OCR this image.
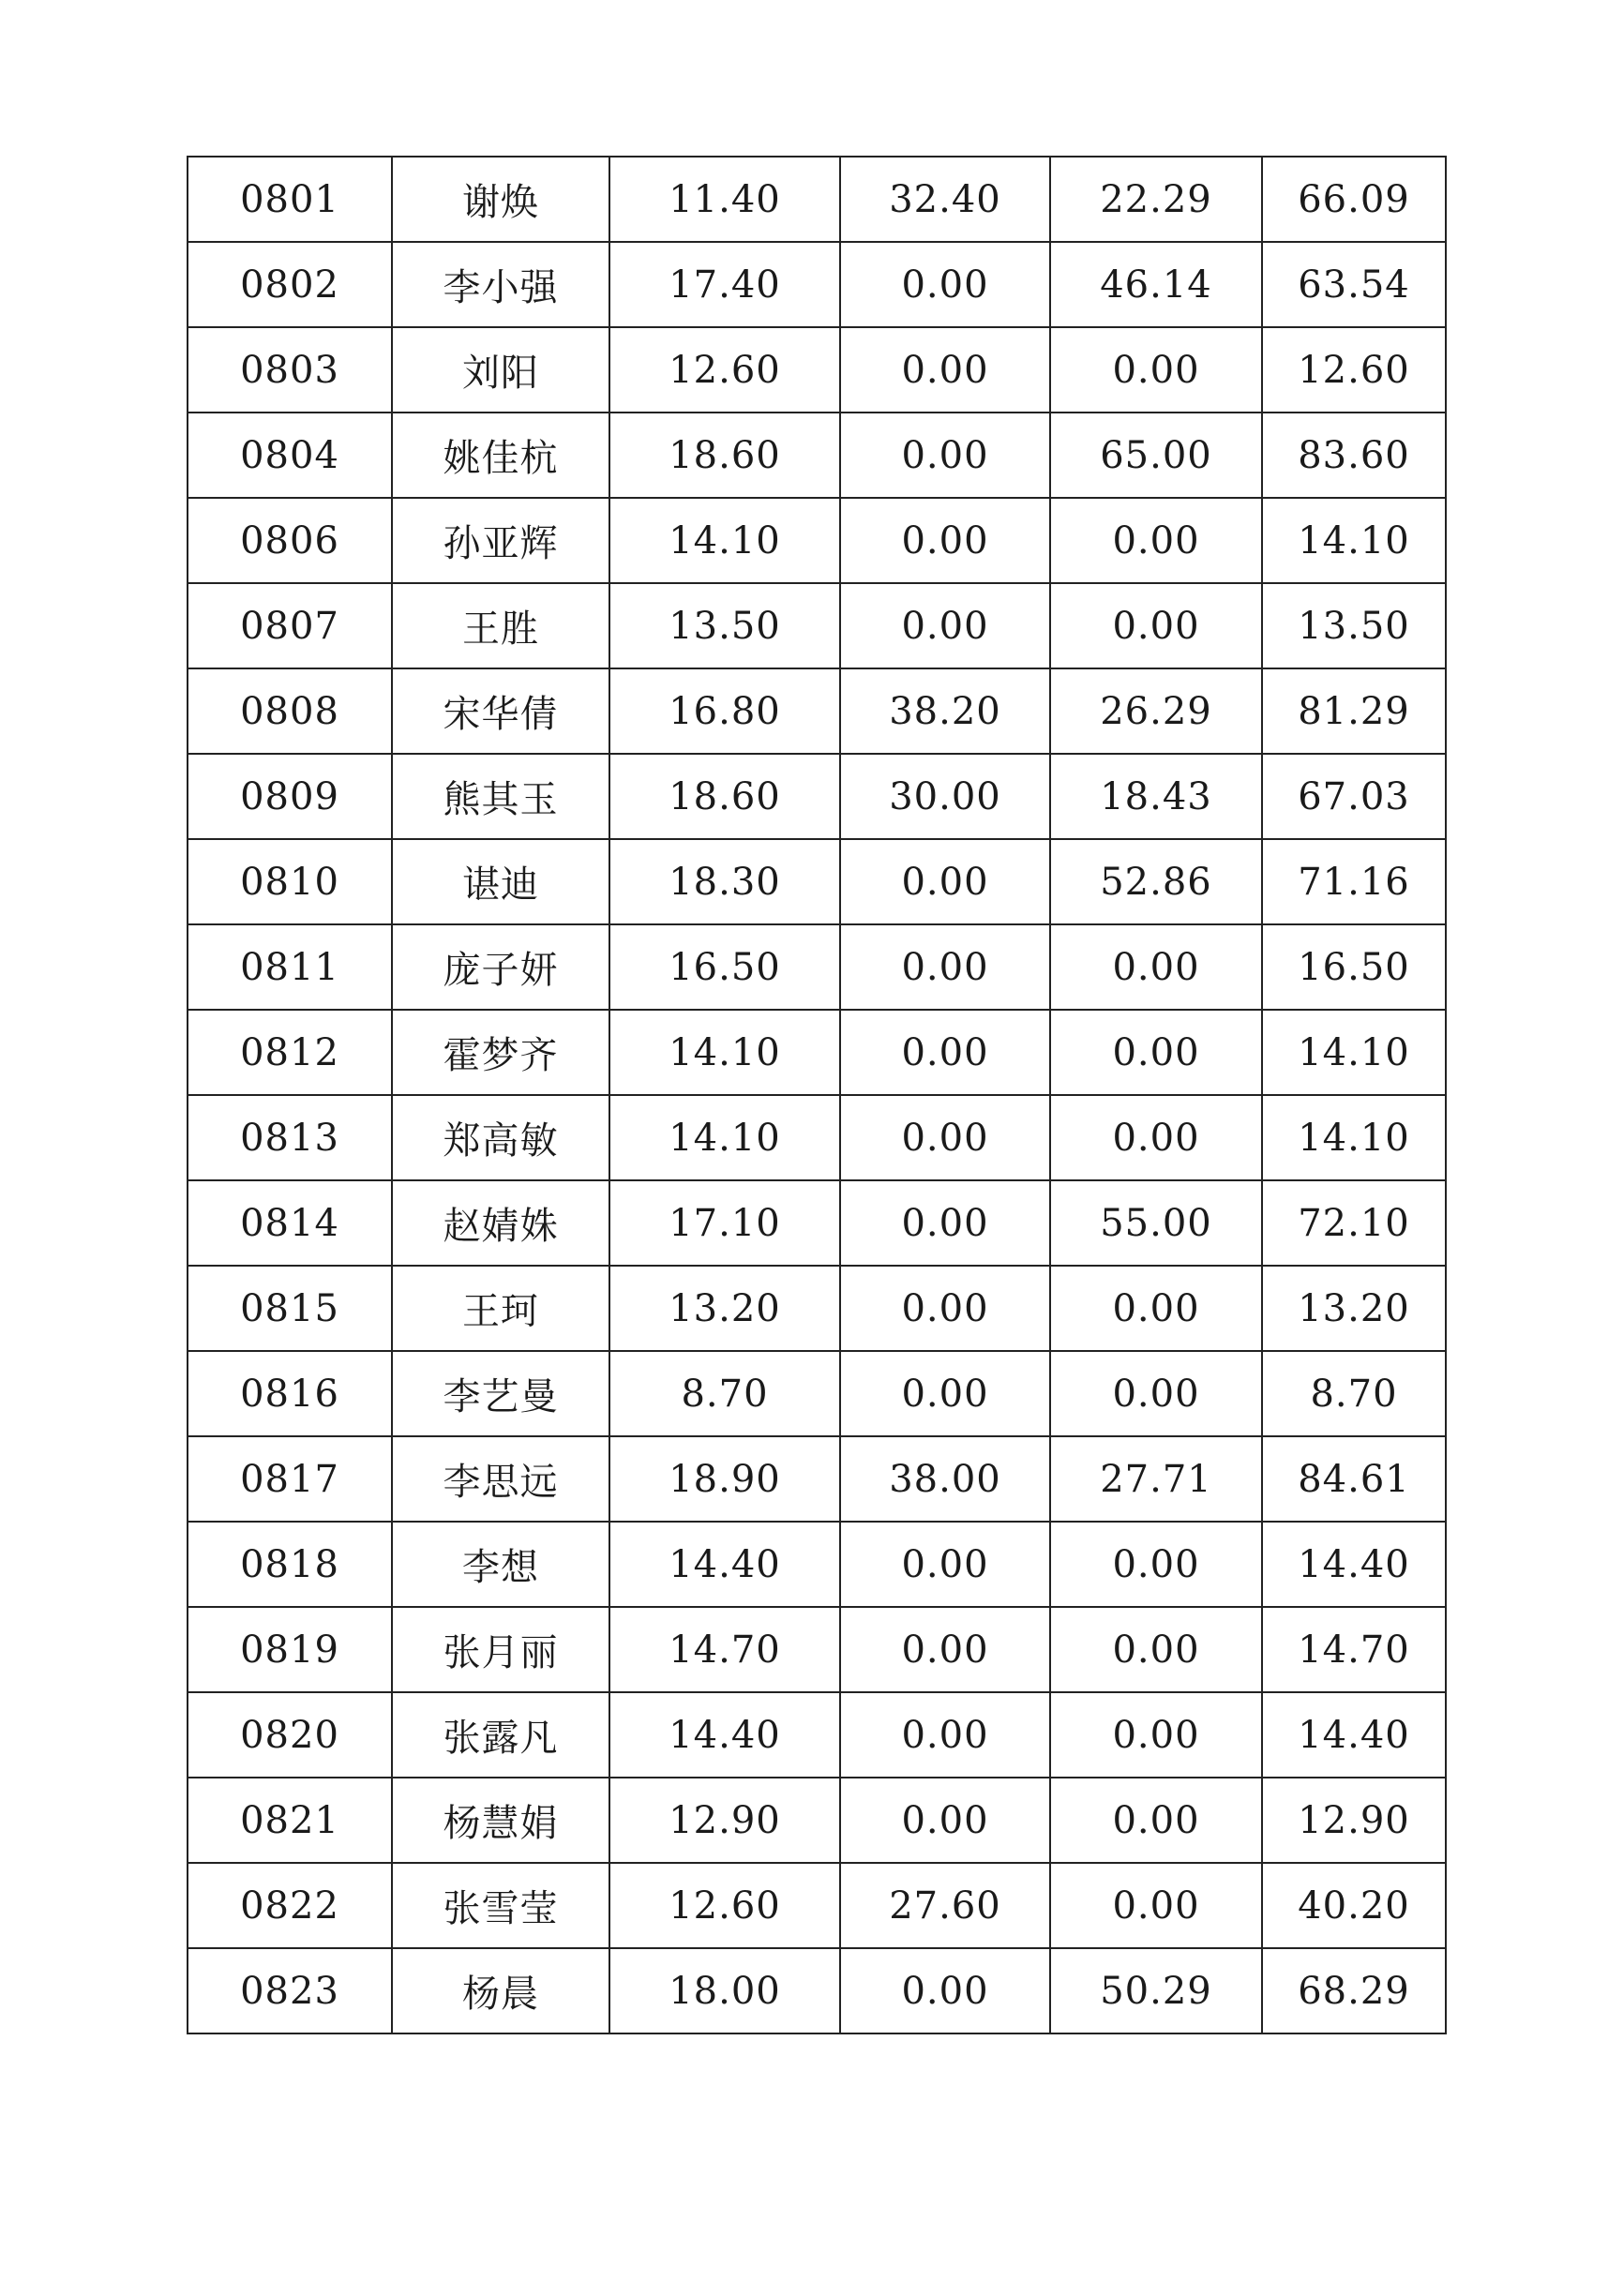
0801	谢焕	11.40	32.40	22.29	66.09
0802	李小强	17.40	0.00	46.14	63.54
0803	刘阳	12.60	0.00	0.00	12.60
0804	姚佳杭	18.60	0.00	65.00	83.60
0806	孙亚辉	14.10	0.00	0.00	14.10
0807	王胜	13.50	0.00	0.00	13.50
0808	宋华倩	16.80	38.20	26.29	81.29
0809	熊其玉	18.60	30.00	18.43	67.03
0810	谌迪	18.30	0.00	52.86	71.16
0811	庞子妍	16.50	0.00	0.00	16.50
0812	霍梦齐	14.10	0.00	0.00	14.10
0813	郑高敏	14.10	0.00	0.00	14.10
0814	赵婧姝	17.10	0.00	55.00	72.10
0815	王珂	13.20	0.00	0.00	13.20
0816	李艺曼	8.70	0.00	0.00	8.70
0817	李思远	18.90	38.00	27.71	84.61
0818	李想	14.40	0.00	0.00	14.40
0819	张月丽	14.70	0.00	0.00	14.70
0820	张露凡	14.40	0.00	0.00	14.40
0821	杨慧娟	12.90	0.00	0.00	12.90
0822	张雪莹	12.60	27.60	0.00	40.20
0823	杨晨	18.00	0.00	50.29	68.29
